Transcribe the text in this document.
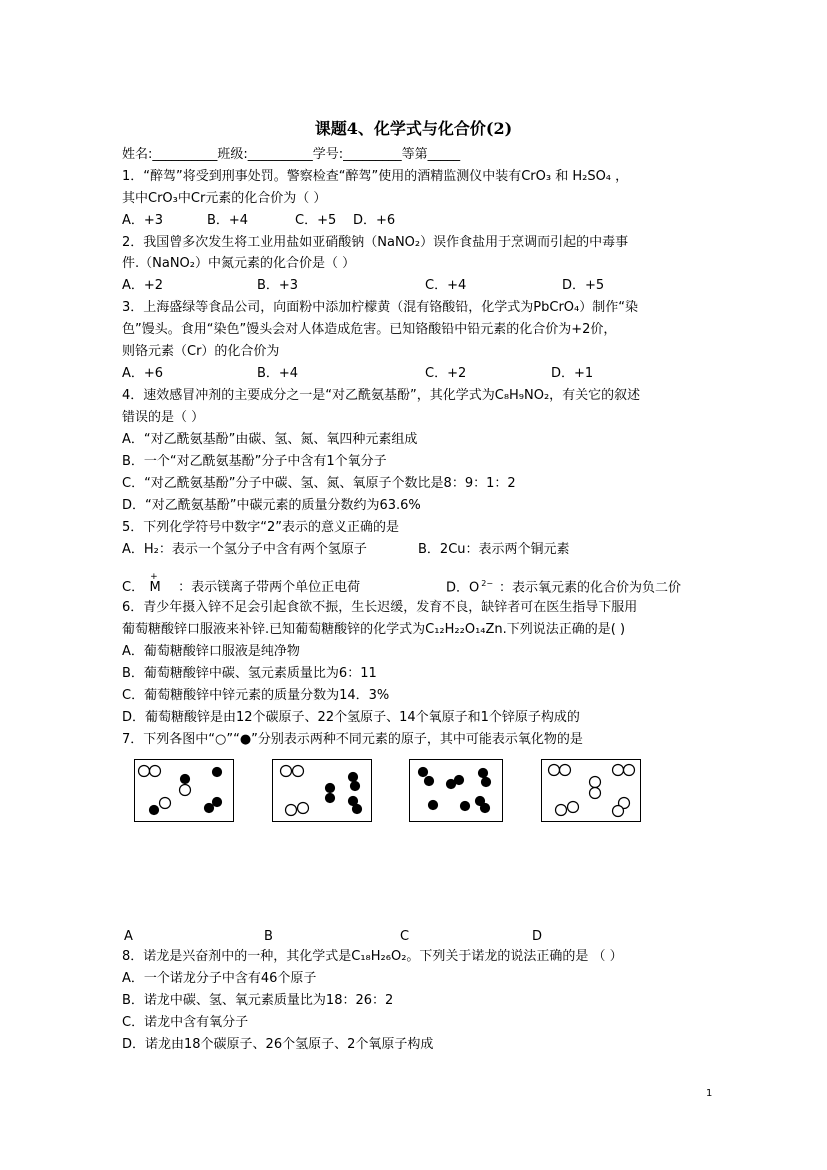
课题4、化学式与化合价(2)
姓名:__________班级:__________学号:_________等第_____
1．“醉驾”将受到刑事处罚。警察检查“醉驾”使用的酒精监测仪中装有CrO₃ 和 H₂SO₄ ，
其中CrO₃中Cr元素的化合价为（ ）
A．+3	B．+4	C．+5 D．+6
2．我国曾多次发生将工业用盐如亚硝酸钠（NaNO₂）误作食盐用于烹调而引起的中毒事
件.（NaNO₂）中氮元素的化合价是（ ）
A．+2	B．+3	C．+4	D．+5
3．上海盛绿等食品公司，向面粉中添加柠檬黄（混有铬酸铅，化学式为PbCrO₄）制作“染
色”馒头。食用“染色”馒头会对人体造成危害。已知铬酸铅中铅元素的化合价为+2价，
则铬元素（Cr）的化合价为
A．+6	B．+4	C．+2	D．+1
4．速效感冒冲剂的主要成分之一是“对乙酰氨基酚”，其化学式为C₈H₉NO₂，有关它的叙述
错误的是（ ）
A．“对乙酰氨基酚”由碳、氢、氮、氧四种元素组成
B．一个“对乙酰氨基酚”分子中含有1个氧分子
C．“对乙酰氨基酚”分子中碳、氢、氮、氧原子个数比是8：9：1：2
D．“对乙酰氨基酚”中碳元素的质量分数约为63.6%
5．下列化学符号中数字“2”表示的意义正确的是
A．H₂：表示一个氢分子中含有两个氢原子	B．2Cu：表示两个铜元素
C．
+
M ：表示镁离子带两个单位正电荷	D．O $^{2-}$ ：表示氧元素的化合价为负二价
6．青少年摄入锌不足会引起食欲不振，生长迟缓，发育不良，缺锌者可在医生指导下服用
葡萄糖酸锌口服液来补锌.已知葡萄糖酸锌的化学式为C₁₂H₂₂O₁₄Zn.下列说法正确的是( )
A．葡萄糖酸锌口服液是纯净物
B．葡萄糖酸锌中碳、氢元素质量比为6：11
C．葡萄糖酸锌中锌元素的质量分数为14．3%
D．葡萄糖酸锌是由12个碳原子、22个氢原子、14个氧原子和1个锌原子构成的
7．下列各图中“○”“●”分别表示两种不同元素的原子，其中可能表示氧化物的是
A	B	C	D
8．诺龙是兴奋剂中的一种，其化学式是C₁₈H₂₆O₂。下列关于诺龙的说法正确的是 （ ）
A．一个诺龙分子中含有46个原子
B．诺龙中碳、氢、氧元素质量比为18：26：2
C．诺龙中含有氧分子
D．诺龙由18个碳原子、26个氢原子、2个氧原子构成
1
